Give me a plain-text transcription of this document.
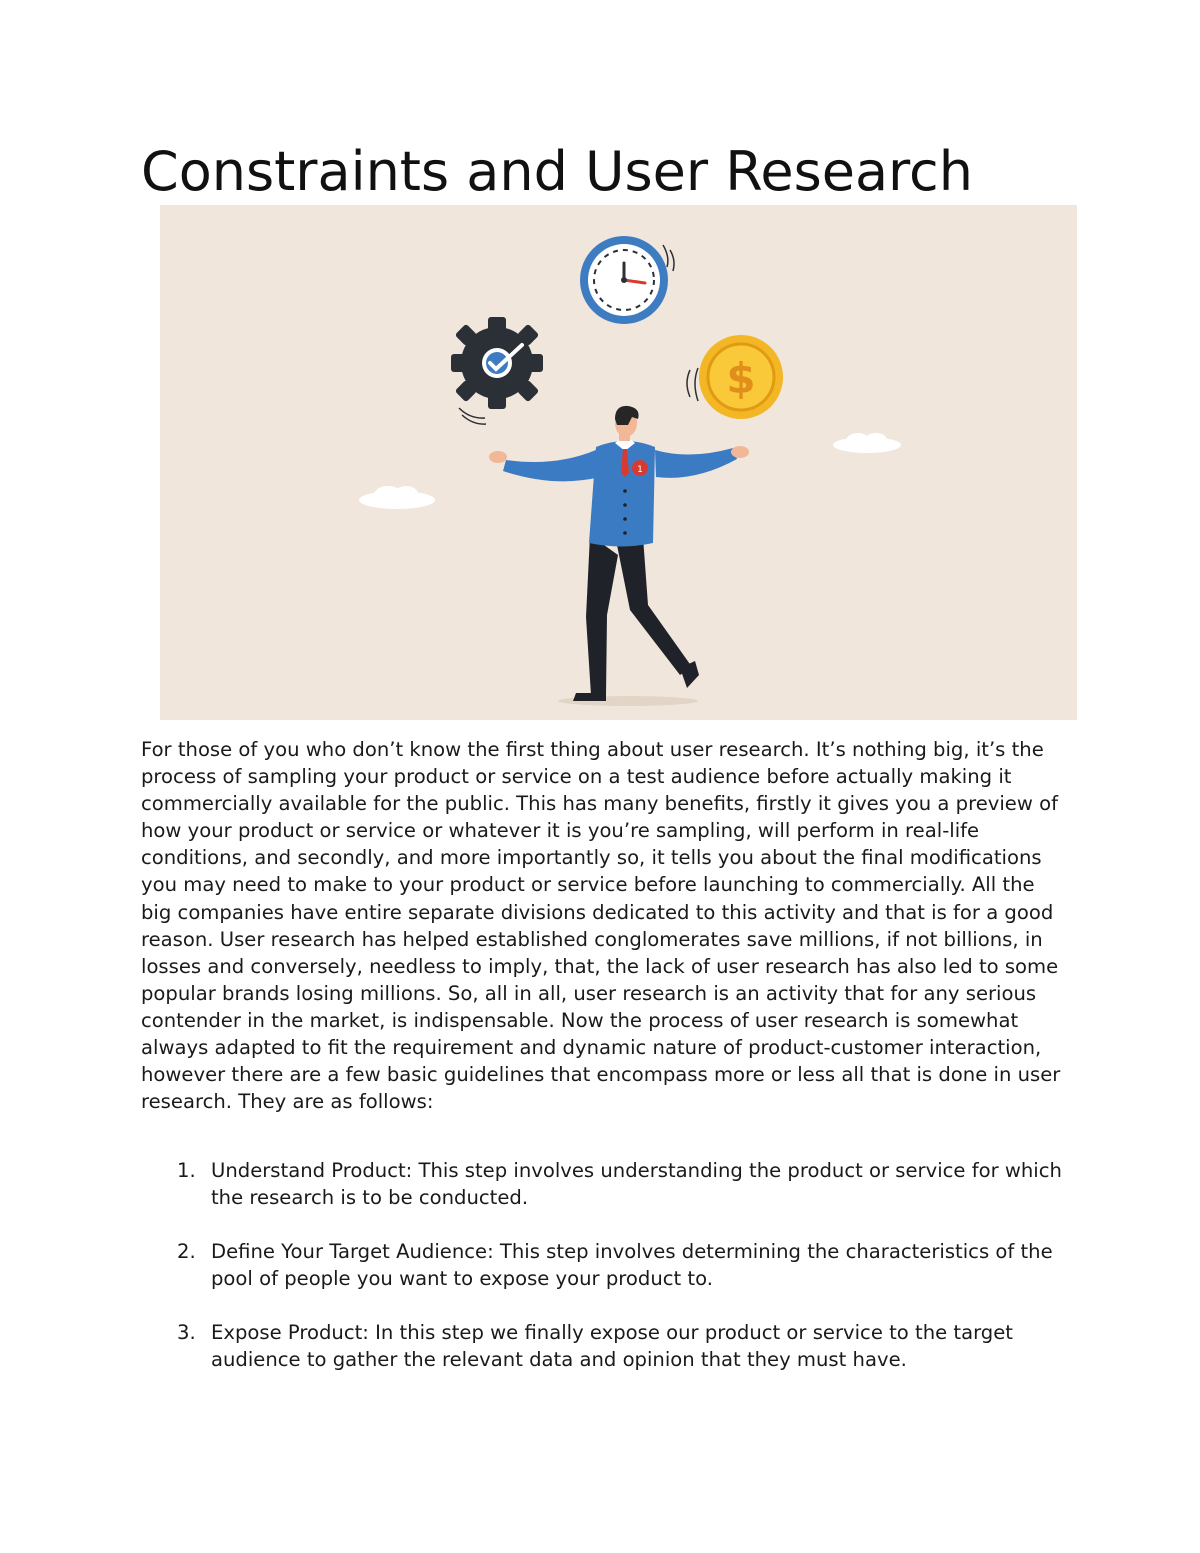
Constraints and User Research
$
1

For those of you who don’t know the first thing about user research. It’s nothing big, it’s the process of sampling your product or service on a test audience before actually making it commercially available for the public. This has many benefits, firstly it gives you a preview of how your product or service or whatever it is you’re sampling, will perform in real-life conditions, and secondly, and more importantly so, it tells you about the final modifications you may need to make to your product or service before launching to commercially. All the big companies have entire separate divisions dedicated to this activity and that is for a good reason. User research has helped established conglomerates save millions, if not billions, in losses and conversely, needless to imply, that, the lack of user research has also led to some popular brands losing millions. So, all in all, user research is an activity that for any serious contender in the market, is indispensable. Now the process of user research is somewhat always adapted to fit the requirement and dynamic nature of product-customer interaction, however there are a few basic guidelines that encompass more or less all that is done in user research. They are as follows:

1. Understand Product: This step involves understanding the product or service for which the research is to be conducted.
2. Define Your Target Audience: This step involves determining the characteristics of the pool of people you want to expose your product to.
3. Expose Product: In this step we finally expose our product or service to the target audience to gather the relevant data and opinion that they must have.
